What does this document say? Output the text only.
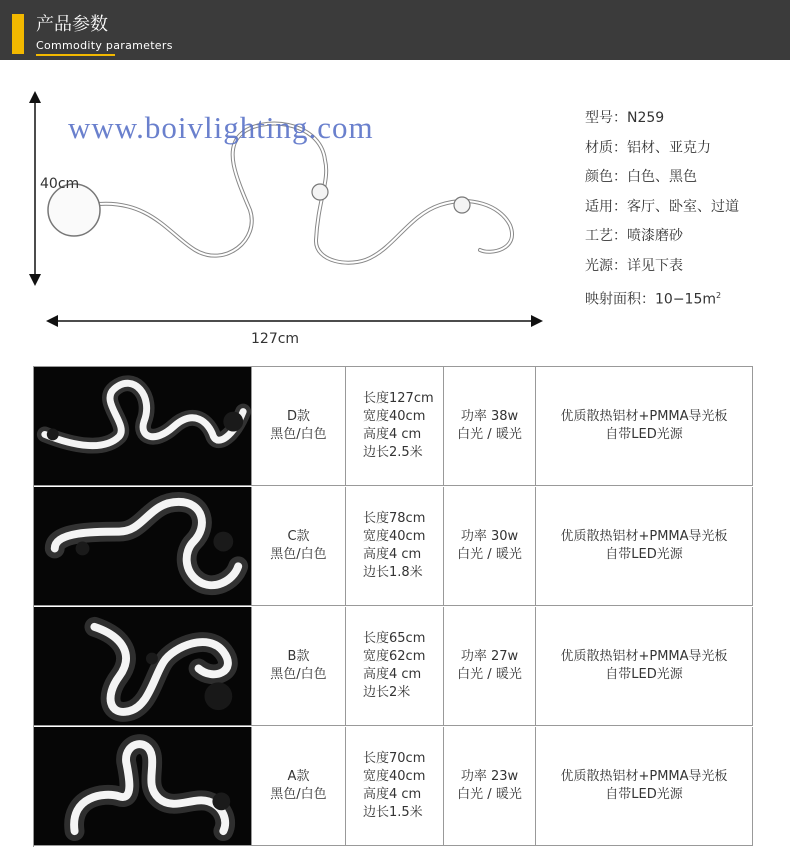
产品参数
Commodity parameters
www.boivlighting.com
40cm
127cm
型号：N259
材质：铝材、亚克力
颜色：白色、黑色
适用：客厅、卧室、过道
工艺：喷漆磨砂
光源：详见下表
映射面积：$10-15m^2$
D款
黑色/白色
长度127cm
宽度40cm
高度4 cm
边长2.5米
功率 38w
白光 / 暖光
优质散热铝材+PMMA导光板
自带LED光源
C款
黑色/白色
长度78cm
宽度40cm
高度4 cm
边长1.8米
功率 30w
白光 / 暖光
优质散热铝材+PMMA导光板
自带LED光源
B款
黑色/白色
长度65cm
宽度62cm
高度4 cm
边长2米
功率 27w
白光 / 暖光
优质散热铝材+PMMA导光板
自带LED光源
A款
黑色/白色
长度70cm
宽度40cm
高度4 cm
边长1.5米
功率 23w
白光 / 暖光
优质散热铝材+PMMA导光板
自带LED光源
